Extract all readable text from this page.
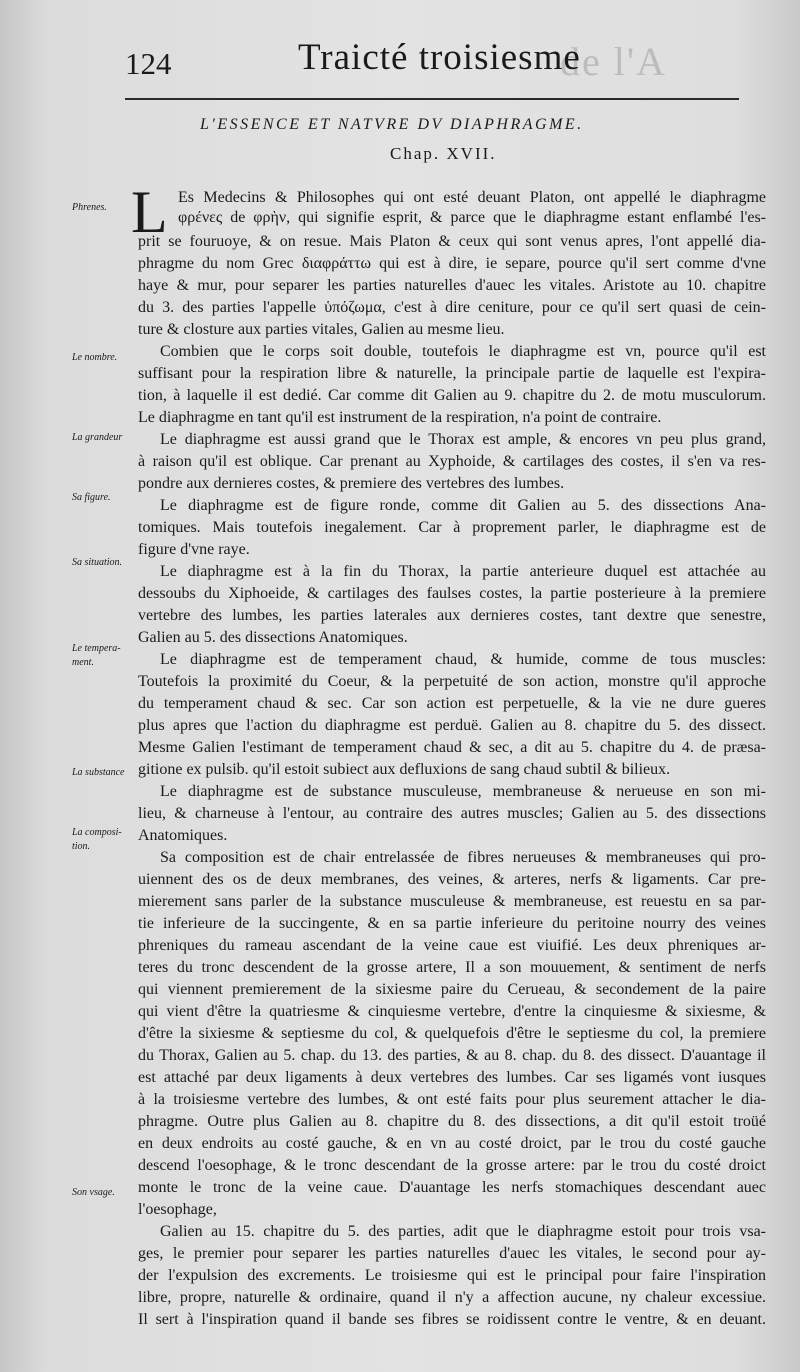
de l'A
124	Traicté troisiesme
L'ESSENCE ET NATVRE DV DIAPHRAGME.
Chap. XVII.
L
Phrenes.
Le nombre.
La grandeur
Sa figure.
Sa situation.
Le tempera-
ment.
La substance
La composi-
tion.
Son vsage.
Es Medecins & Philosophes qui ont esté deuant Platon, ont appellé le diaphragme
φρένες de φρὴν, qui signifie esprit, & parce que le diaphragme estant enflambé l'es-
prit se fouruoye, & on resue. Mais Platon & ceux qui sont venus apres, l'ont appellé dia-
phragme du nom Grec διαφράττω qui est à dire, ie separe, pource qu'il sert comme d'vne
haye & mur, pour separer les parties naturelles d'auec les vitales. Aristote au 10. chapitre
du 3. des parties l'appelle ὑπόζωμα, c'est à dire ceniture, pour ce qu'il sert quasi de cein-
ture & closture aux parties vitales, Galien au mesme lieu.
Combien que le corps soit double, toutefois le diaphragme est vn, pource qu'il est
suffisant pour la respiration libre & naturelle, la principale partie de laquelle est l'expira-
tion, à laquelle il est dedié. Car comme dit Galien au 9. chapitre du 2. de motu musculorum.
Le diaphragme en tant qu'il est instrument de la respiration, n'a point de contraire.
Le diaphragme est aussi grand que le Thorax est ample, & encores vn peu plus grand,
à raison qu'il est oblique. Car prenant au Xyphoide, & cartilages des costes, il s'en va res-
pondre aux dernieres costes, & premiere des vertebres des lumbes.
Le diaphragme est de figure ronde, comme dit Galien au 5. des dissections Ana-
tomiques. Mais toutefois inegalement. Car à proprement parler, le diaphragme est de
figure d'vne raye.
Le diaphragme est à la fin du Thorax, la partie anterieure duquel est attachée au
dessoubs du Xiphoeide, & cartilages des faulses costes, la partie posterieure à la premiere
vertebre des lumbes, les parties laterales aux dernieres costes, tant dextre que senestre,
Galien au 5. des dissections Anatomiques.
Le diaphragme est de temperament chaud, & humide, comme de tous muscles:
Toutefois la proximité du Coeur, & la perpetuité de son action, monstre qu'il approche
du temperament chaud & sec. Car son action est perpetuelle, & la vie ne dure gueres
plus apres que l'action du diaphragme est perduë. Galien au 8. chapitre du 5. des dissect.
Mesme Galien l'estimant de temperament chaud & sec, a dit au 5. chapitre du 4. de præsa-
gitione ex pulsib. qu'il estoit subiect aux defluxions de sang chaud subtil & bilieux.
Le diaphragme est de substance musculeuse, membraneuse & nerueuse en son mi-
lieu, & charneuse à l'entour, au contraire des autres muscles; Galien au 5. des dissections
Anatomiques.
Sa composition est de chair entrelassée de fibres nerueuses & membraneuses qui pro-
uiennent des os de deux membranes, des veines, & arteres, nerfs & ligaments. Car pre-
mierement sans parler de la substance musculeuse & membraneuse, est reuestu en sa par-
tie inferieure de la succingente, & en sa partie inferieure du peritoine nourry des veines
phreniques du rameau ascendant de la veine caue est viuifié. Les deux phreniques ar-
teres du tronc descendent de la grosse artere, Il a son mouuement, & sentiment de nerfs
qui viennent premierement de la sixiesme paire du Cerueau, & secondement de la paire
qui vient d'être la quatriesme & cinquiesme vertebre, d'entre la cinquiesme & sixiesme, &
d'être la sixiesme & septiesme du col, & quelquefois d'être le septiesme du col, la premiere
du Thorax, Galien au 5. chap. du 13. des parties, & au 8. chap. du 8. des dissect. D'auantage il
est attaché par deux ligaments à deux vertebres des lumbes. Car ses ligamés vont iusques
à la troisiesme vertebre des lumbes, & ont esté faits pour plus seurement attacher le dia-
phragme. Outre plus Galien au 8. chapitre du 8. des dissections, a dit qu'il estoit troüé
en deux endroits au costé gauche, & en vn au costé droict, par le trou du costé gauche
descend l'oesophage, & le tronc descendant de la grosse artere: par le trou du costé droict
monte le tronc de la veine caue. D'auantage les nerfs stomachiques descendant auec
l'oesophage,
Galien au 15. chapitre du 5. des parties, adit que le diaphragme estoit pour trois vsa-
ges, le premier pour separer les parties naturelles d'auec les vitales, le second pour ay-
der l'expulsion des excrements. Le troisiesme qui est le principal pour faire l'inspiration
libre, propre, naturelle & ordinaire, quand il n'y a affection aucune, ny chaleur excessiue.
Il sert à l'inspiration quand il bande ses fibres se roidissent contre le ventre, & en deuant.
